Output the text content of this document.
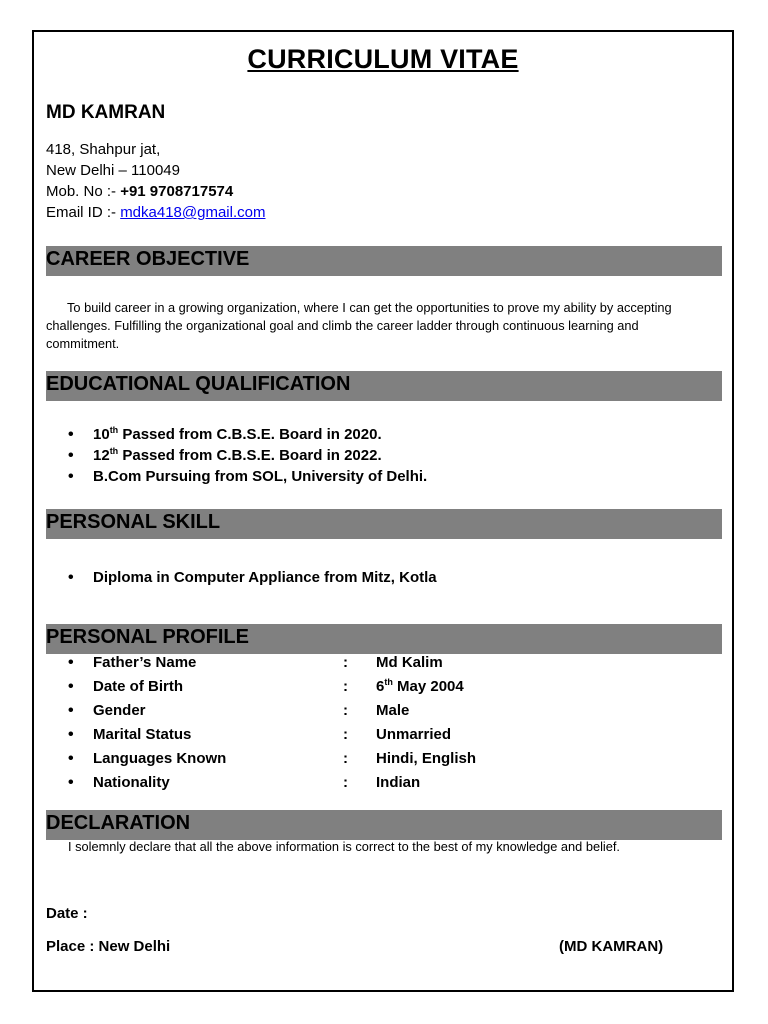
CURRICULUM VITAE
MD KAMRAN
418, Shahpur jat,
New Delhi – 110049
Mob. No :- +91 9708717574
Email ID :- mdka418@gmail.com
CAREER OBJECTIVE
To build career in a growing organization, where I can get the opportunities to prove my ability by accepting challenges. Fulfilling the organizational goal and climb the career ladder through continuous learning and commitment.
EDUCATIONAL QUALIFICATION
• 10th Passed from C.B.S.E. Board in 2020.
• 12th Passed from C.B.S.E. Board in 2022.
• B.Com Pursuing from SOL, University of Delhi.
PERSONAL SKILL
• Diploma in Computer Appliance from Mitz, Kotla
PERSONAL PROFILE
• Father’s Name	: Md Kalim
• Date of Birth	: 6th May 2004
• Gender	: Male
• Marital Status	: Unmarried
• Languages Known	: Hindi, English
• Nationality	: Indian
DECLARATION
I solemnly declare that all the above information is correct to the best of my knowledge and belief.
Date :
Place : New Delhi	(MD KAMRAN)
